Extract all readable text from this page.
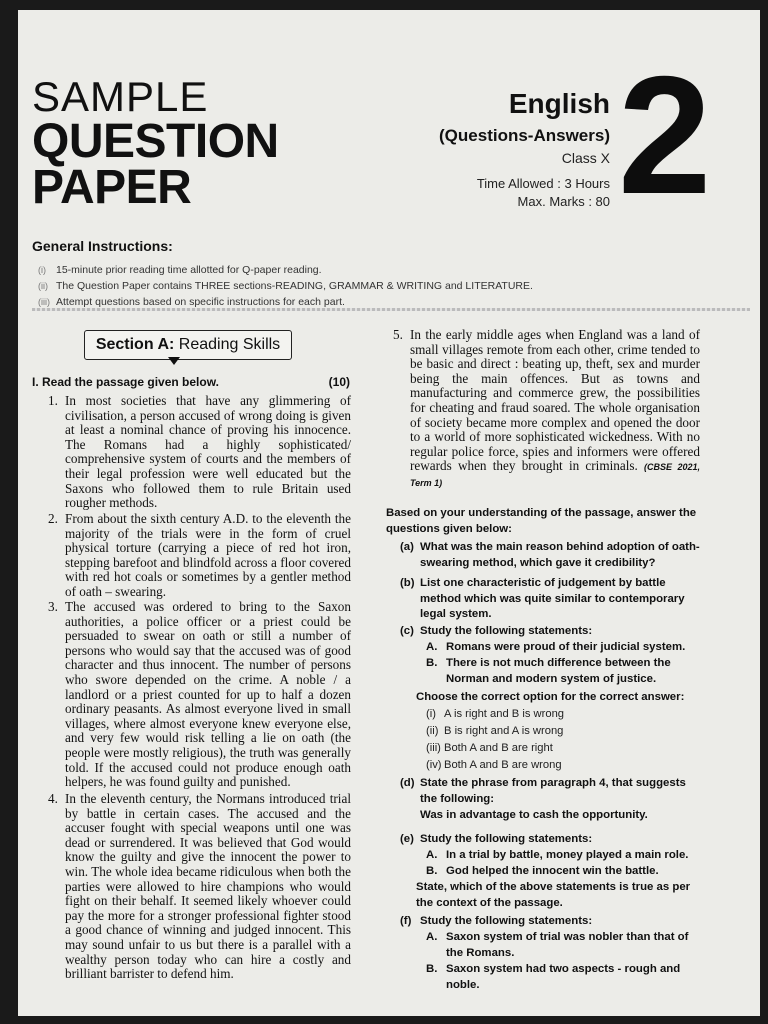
SAMPLE
QUESTION
PAPER
English
(Questions-Answers)
Class X
Time Allowed : 3 Hours
Max. Marks : 80 2
General Instructions:
(i) 15-minute prior reading time allotted for Q-paper reading.
(ii) The Question Paper contains THREE sections-READING, GRAMMAR & WRITING and LITERATURE.
(iii) Attempt questions based on specific instructions for each part.
Section A: Reading Skills
I. Read the passage given below.	(10)
1. In most societies that have any glimmering of civilisation, a person accused of wrong doing is given at least a nominal chance of proving his innocence. The Romans had a highly sophisticated/ comprehensive system of courts and the members of their legal profession were well educated but the Saxons who followed them to rule Britain used rougher methods.
2. From about the sixth century A.D. to the eleventh the majority of the trials were in the form of cruel physical torture (carrying a piece of red hot iron, stepping barefoot and blindfold across a floor covered with red hot coals or sometimes by a gentler method of oath – swearing.
3. The accused was ordered to bring to the Saxon authorities, a police officer or a priest could be persuaded to swear on oath or still a number of persons who would say that the accused was of good character and thus innocent. The number of persons who swore depended on the crime. A noble / a landlord or a priest counted for up to half a dozen ordinary peasants. As almost everyone lived in small villages, where almost everyone knew everyone else, and very few would risk telling a lie on oath (the people were mostly religious), the truth was generally told. If the accused could not produce enough oath helpers, he was found guilty and punished.
4. In the eleventh century, the Normans introduced trial by battle in certain cases. The accused and the accuser fought with special weapons until one was dead or surrendered. It was believed that God would know the guilty and give the innocent the power to win. The whole idea became ridiculous when both the parties were allowed to hire champions who would fight on their behalf. It seemed likely whoever could pay the more for a stronger professional fighter stood a good chance of winning and judged innocent. This may sound unfair to us but there is a parallel with a wealthy person today who can hire a costly and brilliant barrister to defend him.
5. In the early middle ages when England was a land of small villages remote from each other, crime tended to be basic and direct : beating up, theft, sex and murder being the main offences. But as towns and manufacturing and commerce grew, the possibilities for cheating and fraud soared. The whole organisation of society became more complex and opened the door to a world of more sophisticated wickedness. With no regular police force, spies and informers were offered rewards when they brought in criminals. (CBSE 2021, Term 1)
Based on your understanding of the passage, answer the questions given below:
(a) What was the main reason behind adoption of oath-swearing method, which gave it credibility?
(b) List one characteristic of judgement by battle method which was quite similar to contemporary legal system.
(c) Study the following statements:
A. Romans were proud of their judicial system.
B. There is not much difference between the Norman and modern system of justice.
Choose the correct option for the correct answer:
(i) A is right and B is wrong
(ii) B is right and A is wrong
(iii) Both A and B are right
(iv) Both A and B are wrong
(d) State the phrase from paragraph 4, that suggests the following:
Was in advantage to cash the opportunity.
(e) Study the following statements:
A. In a trial by battle, money played a main role.
B. God helped the innocent win the battle.
State, which of the above statements is true as per the context of the passage.
(f) Study the following statements:
A. Saxon system of trial was nobler than that of the Romans.
B. Saxon system had two aspects - rough and noble.
